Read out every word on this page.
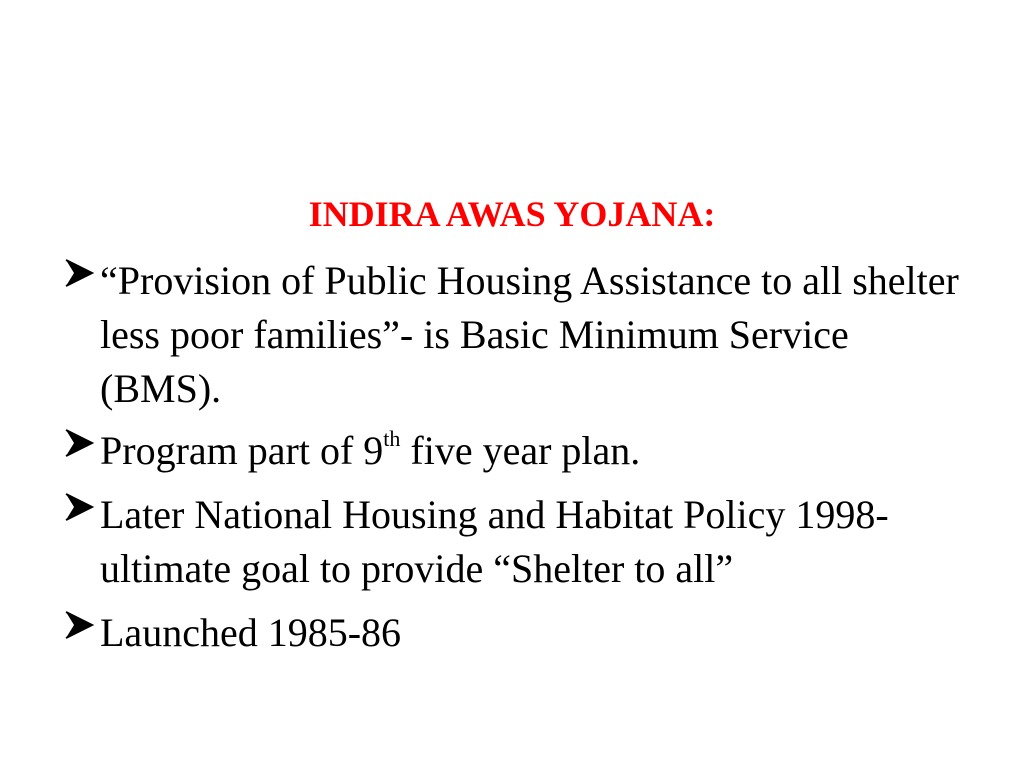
INDIRA AWAS YOJANA:
“Provision of Public Housing Assistance to all shelter less poor families”- is Basic Minimum Service (BMS).
Program part of 9th five year plan.
Later National Housing and Habitat Policy 1998-ultimate goal to provide “Shelter to all”
Launched 1985-86
